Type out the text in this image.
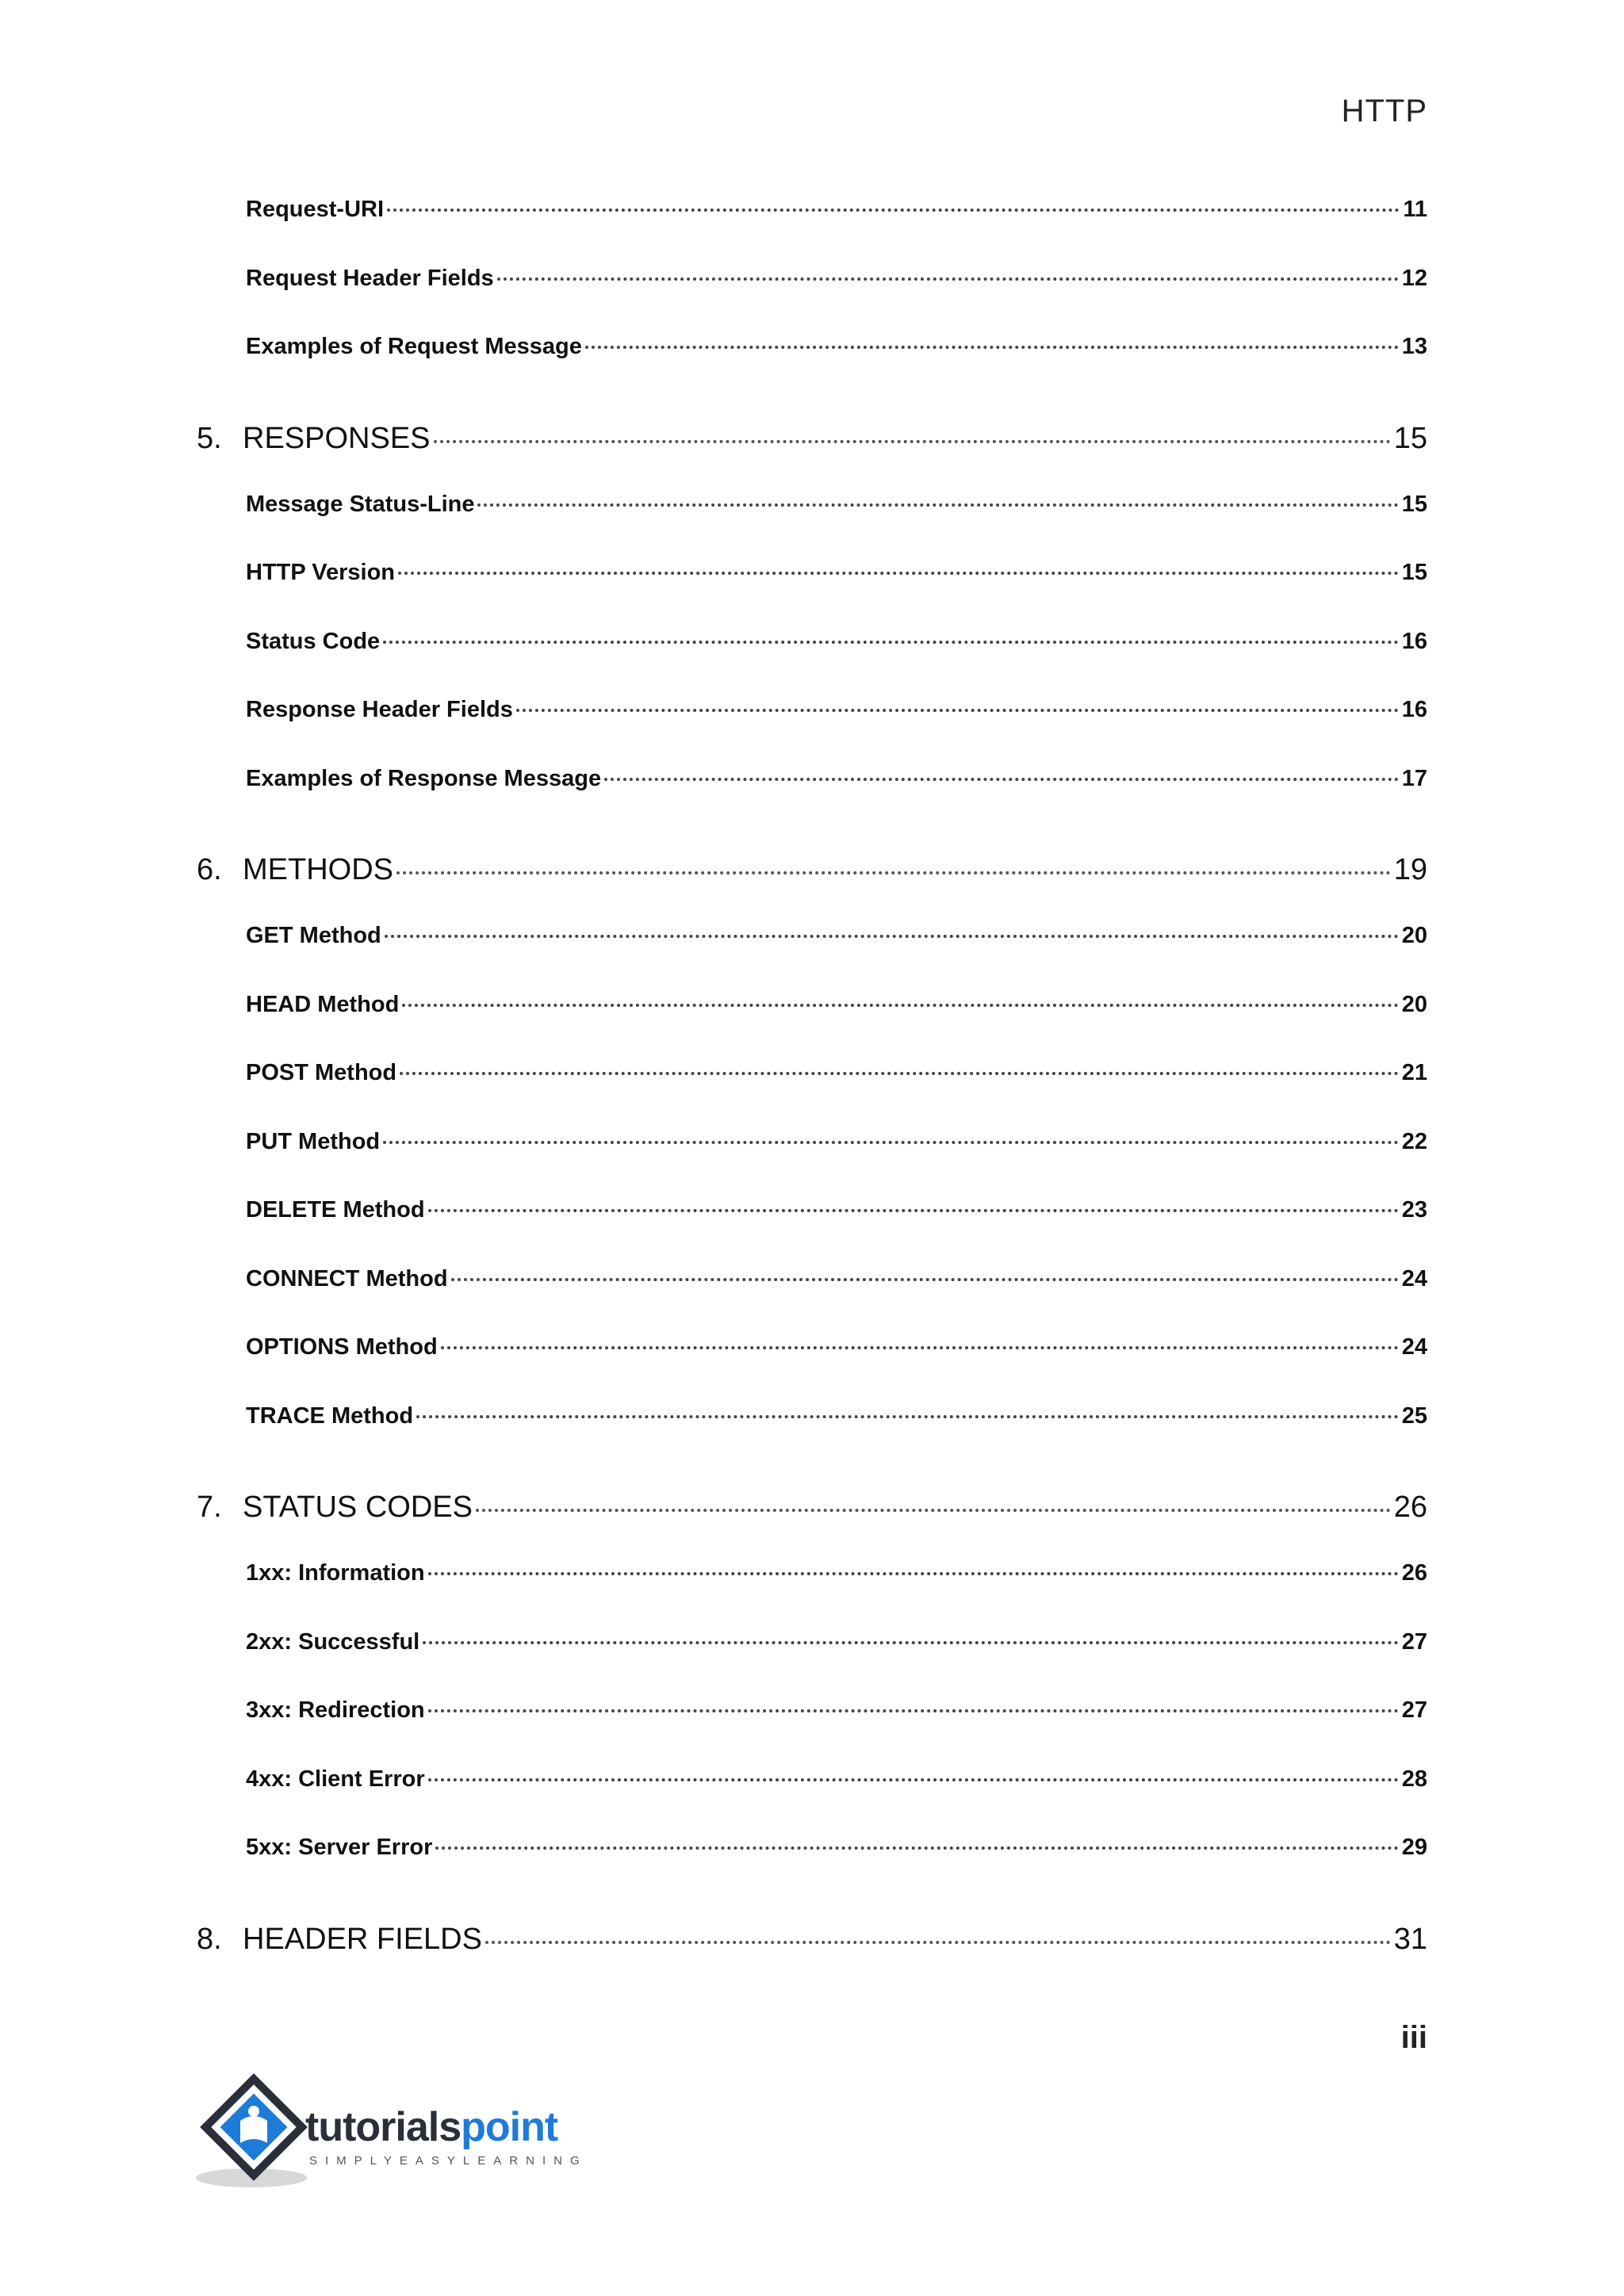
HTTP
Request-URI	11
Request Header Fields	12
Examples of Request Message	13
5. RESPONSES	15
Message Status-Line	15
HTTP Version	15
Status Code	16
Response Header Fields	16
Examples of Response Message	17
6. METHODS	19
GET Method	20
HEAD Method	20
POST Method	21
PUT Method	22
DELETE Method	23
CONNECT Method	24
OPTIONS Method	24
TRACE Method	25
7. STATUS CODES	26
1xx: Information	26
2xx: Successful	27
3xx: Redirection	27
4xx: Client Error	28
5xx: Server Error	29
8. HEADER FIELDS	31
iii
tutorialspoint
SIMPLYEASYLEARNING
